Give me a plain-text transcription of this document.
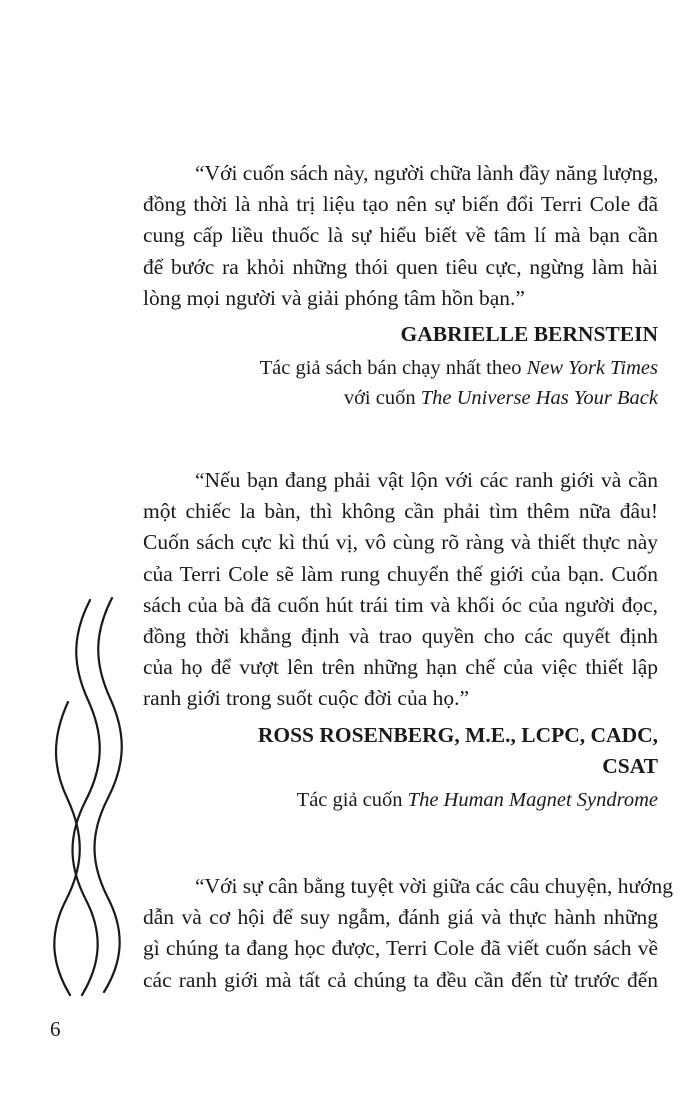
“Với cuốn sách này, người chữa lành đầy năng lượng,
đồng thời là nhà trị liệu tạo nên sự biến đổi Terri Cole đã
cung cấp liều thuốc là sự hiểu biết về tâm lí mà bạn cần
để bước ra khỏi những thói quen tiêu cực, ngừng làm hài
lòng mọi người và giải phóng tâm hồn bạn.”

GABRIELLE BERNSTEIN

Tác giả sách bán chạy nhất theo New York Times
với cuốn The Universe Has Your Back

“Nếu bạn đang phải vật lộn với các ranh giới và cần
một chiếc la bàn, thì không cần phải tìm thêm nữa đâu!
Cuốn sách cực kì thú vị, vô cùng rõ ràng và thiết thực này
của Terri Cole sẽ làm rung chuyển thế giới của bạn. Cuốn
sách của bà đã cuốn hút trái tim và khối óc của người đọc,
đồng thời khẳng định và trao quyền cho các quyết định
của họ để vượt lên trên những hạn chế của việc thiết lập
ranh giới trong suốt cuộc đời của họ.”

ROSS ROSENBERG, M.E., LCPC, CADC,
CSAT

Tác giả cuốn The Human Magnet Syndrome

“Với sự cân bằng tuyệt vời giữa các câu chuyện, hướng
dẫn và cơ hội để suy ngẫm, đánh giá và thực hành những
gì chúng ta đang học được, Terri Cole đã viết cuốn sách về
các ranh giới mà tất cả chúng ta đều cần đến từ trước đến

6
